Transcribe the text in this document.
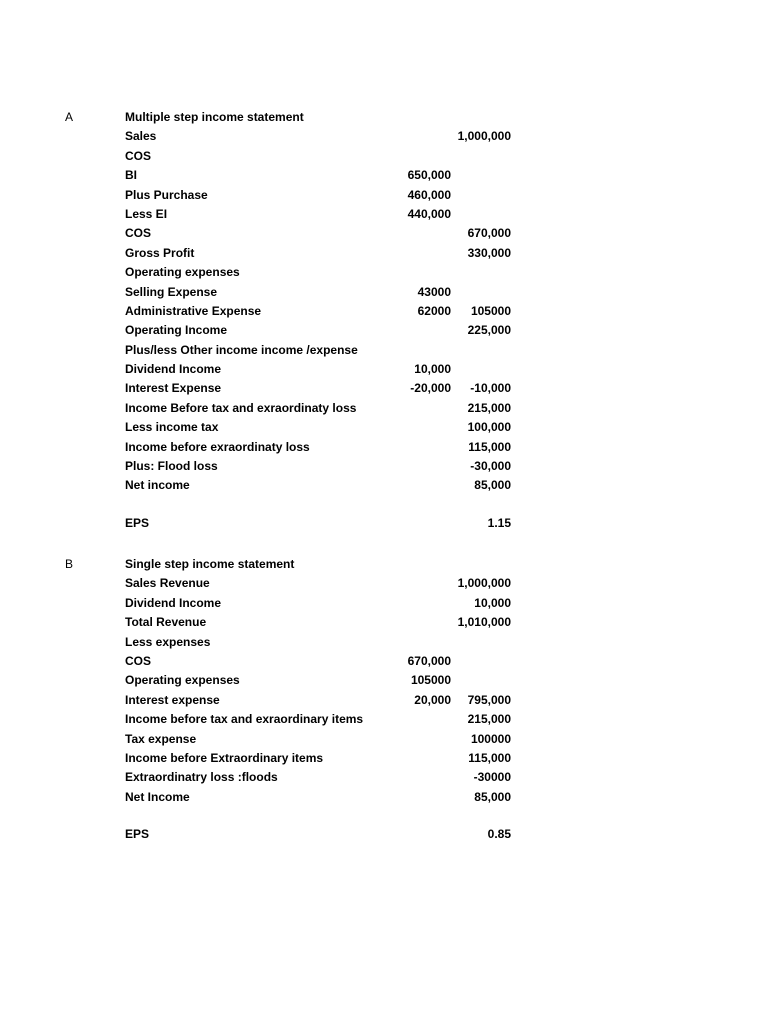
A	Multiple step income statement
Sales	1,000,000
COS
BI	650,000
Plus Purchase	460,000
Less EI	440,000
COS	670,000
Gross Profit	330,000
Operating expenses
Selling Expense	43000
Administrative Expense	62000 105000
Operating Income	225,000
Plus/less Other income income /expense
Dividend Income	10,000
Interest Expense	-20,000 -10,000
Income Before tax and exraordinaty loss	215,000
Less income tax	100,000
Income before exraordinaty loss	115,000
Plus: Flood loss	-30,000
Net income	85,000
EPS	1.15
B	Single step income statement
Sales Revenue	1,000,000
Dividend Income	10,000
Total Revenue	1,010,000
Less expenses
COS	670,000
Operating expenses	105000
Interest expense	20,000 795,000
Income before tax and exraordinary items	215,000
Tax expense	100000
Income before Extraordinary items	115,000
Extraordinatry loss :floods	-30000
Net Income	85,000
EPS	0.85
